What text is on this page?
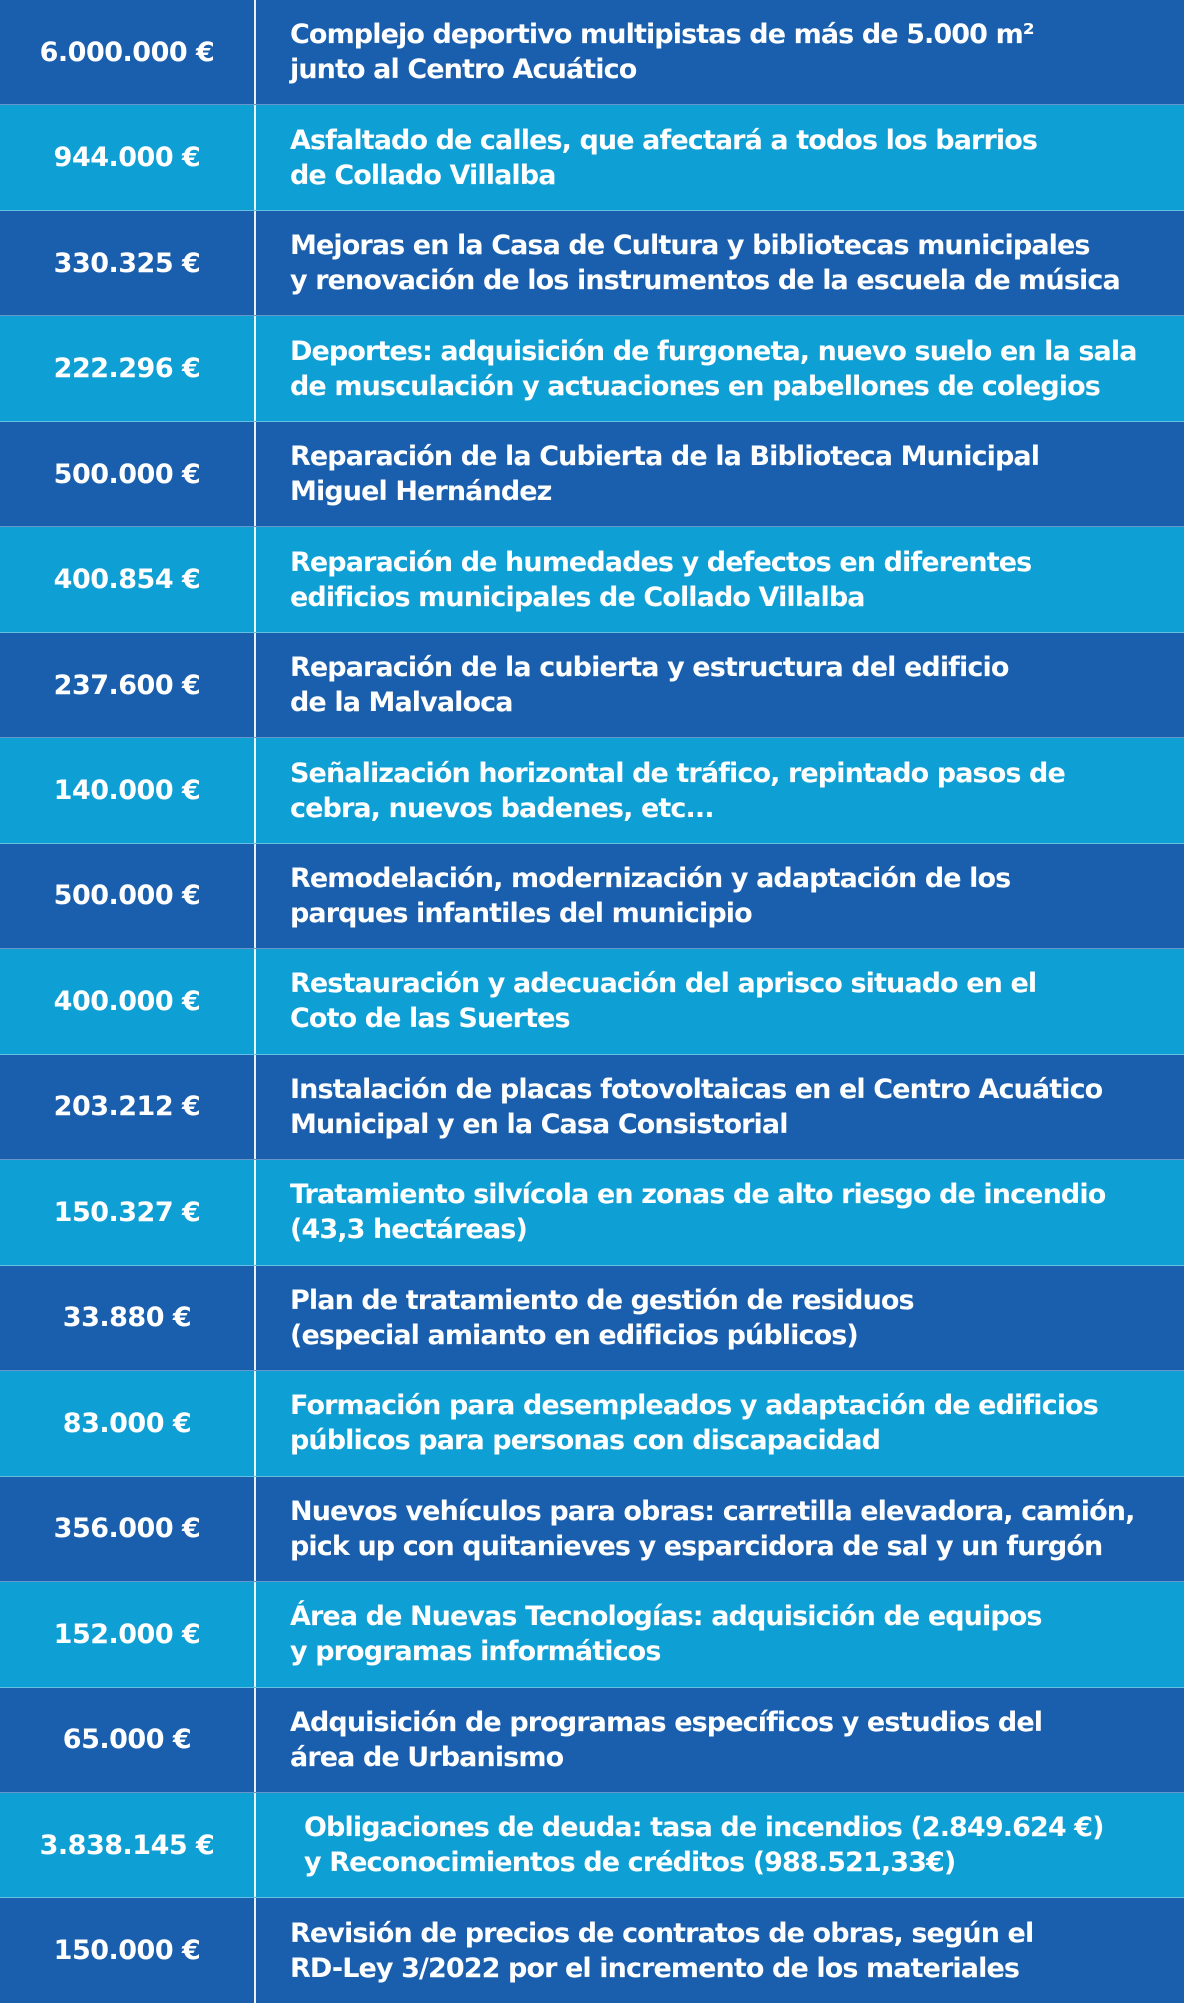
6.000.000 €
Complejo deportivo multipistas de más de 5.000 m²
junto al Centro Acuático
944.000 €
Asfaltado de calles, que afectará a todos los barrios
de Collado Villalba
330.325 €
Mejoras en la Casa de Cultura y bibliotecas municipales
y renovación de los instrumentos de la escuela de música
222.296 €
Deportes: adquisición de furgoneta, nuevo suelo en la sala
de musculación y actuaciones en pabellones de colegios
500.000 €
Reparación de la Cubierta de la Biblioteca Municipal
Miguel Hernández
400.854 €
Reparación de humedades y defectos en diferentes
edificios municipales de Collado Villalba
237.600 €
Reparación de la cubierta y estructura del edificio
de la Malvaloca
140.000 €
Señalización horizontal de tráfico, repintado pasos de
cebra, nuevos badenes, etc...
500.000 €
Remodelación, modernización y adaptación de los
parques infantiles del municipio
400.000 €
Restauración y adecuación del aprisco situado en el
Coto de las Suertes
203.212 €
Instalación de placas fotovoltaicas en el Centro Acuático
Municipal y en la Casa Consistorial
150.327 €
Tratamiento silvícola en zonas de alto riesgo de incendio
(43,3 hectáreas)
33.880 €
Plan de tratamiento de gestión de residuos
(especial amianto en edificios públicos)
83.000 €
Formación para desempleados y adaptación de edificios
públicos para personas con discapacidad
356.000 €
Nuevos vehículos para obras: carretilla elevadora, camión,
pick up con quitanieves y esparcidora de sal y un furgón
152.000 €
Área de Nuevas Tecnologías: adquisición de equipos
y programas informáticos
65.000 €
Adquisición de programas específicos y estudios del
área de Urbanismo
3.838.145 €
Obligaciones de deuda: tasa de incendios (2.849.624 €)
y Reconocimientos de créditos (988.521,33€)
150.000 €
Revisión de precios de contratos de obras, según el
RD-Ley 3/2022 por el incremento de los materiales
